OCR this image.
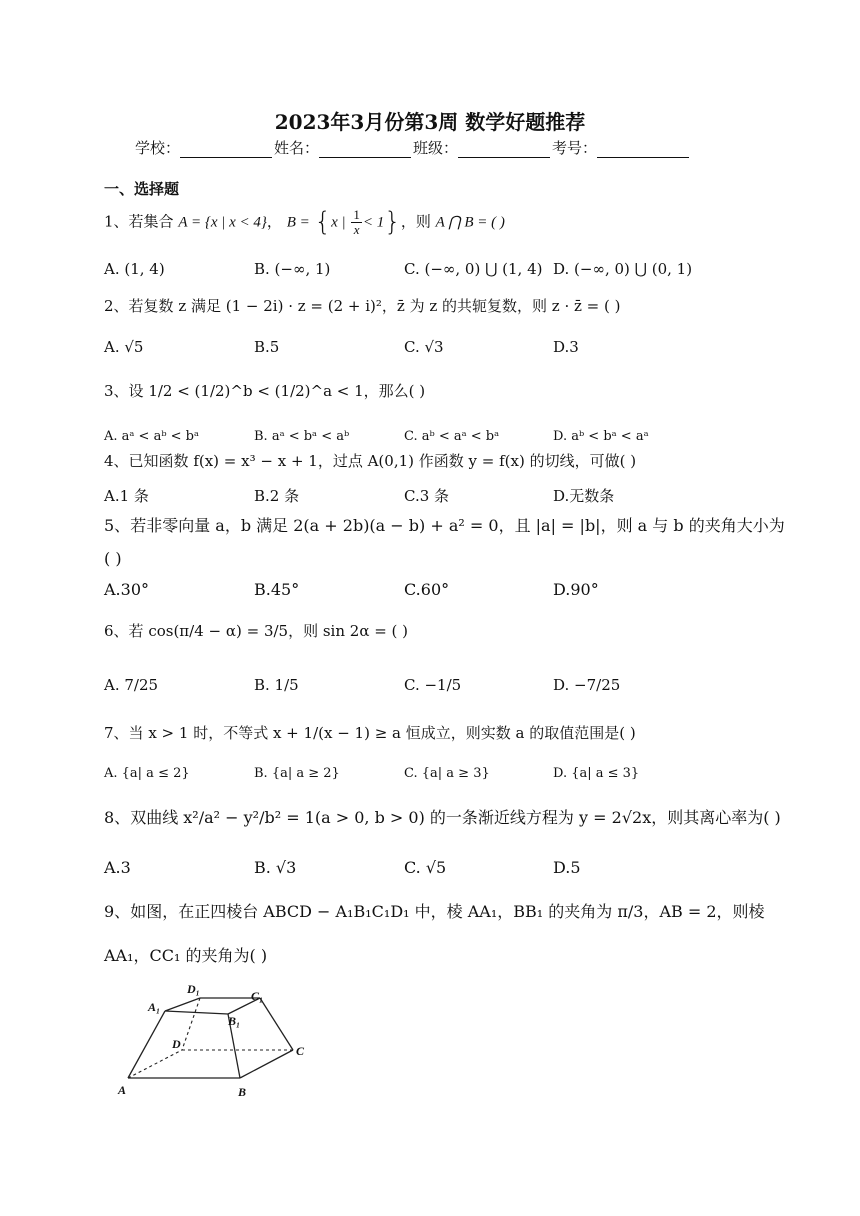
2023年3月份第3周 数学好题推荐
学校：	姓名：	班级：	考号：
一、选择题
1、若集合 A = {x | x < 4}， B = {x | $\frac{1}{x} < 1$}，则 A ⋂ B = ( )
A. (1, 4)	B. (−∞, 1)	C. (−∞, 0) ⋃ (1, 4) D. (−∞, 0) ⋃ (0, 1)
2、若复数 z 满足 (1 − 2i) · z = (2 + i)²，z̄ 为 z 的共轭复数，则 z · z̄ = ( )
A. √5	B.5	C. √3	D.3
3、设 1/2 < (1/2)^b < (1/2)^a < 1，那么( )
A. aᵃ < aᵇ < bᵃ	B. aᵃ < bᵃ < aᵇ	C. aᵇ < aᵃ < bᵃ	D. aᵇ < bᵃ < aᵃ
4、已知函数 f(x) = x³ − x + 1，过点 A(0,1) 作函数 y = f(x) 的切线，可做( )
A.1 条	B.2 条	C.3 条	D.无数条
5、若非零向量 a，b 满足 2(a + 2b)(a − b) + a² = 0，且 |a| = |b|，则 a 与 b 的夹角大小为
( )
A.30°	B.45°	C.60°	D.90°
6、若 cos(π/4 − α) = 3/5，则 sin 2α = ( )
A. 7/25	B. 1/5	C. −1/5	D. −7/25
7、当 x > 1 时，不等式 x + 1/(x − 1) ≥ a 恒成立，则实数 a 的取值范围是( )
A. {a| a ≤ 2}	B. {a| a ≥ 2}	C. {a| a ≥ 3}	D. {a| a ≤ 3}
8、双曲线 x²/a² − y²/b² = 1(a > 0, b > 0) 的一条渐近线方程为 y = 2√2x，则其离心率为( )
A.3	B. √3	C. √5	D.5
9、如图，在正四棱台 ABCD − A₁B₁C₁D₁ 中，棱 AA₁，BB₁ 的夹角为 π/3，AB = 2，则棱
AA₁，CC₁ 的夹角为( )
D₁	C₁
A₁
B₁
D	C
A	B
